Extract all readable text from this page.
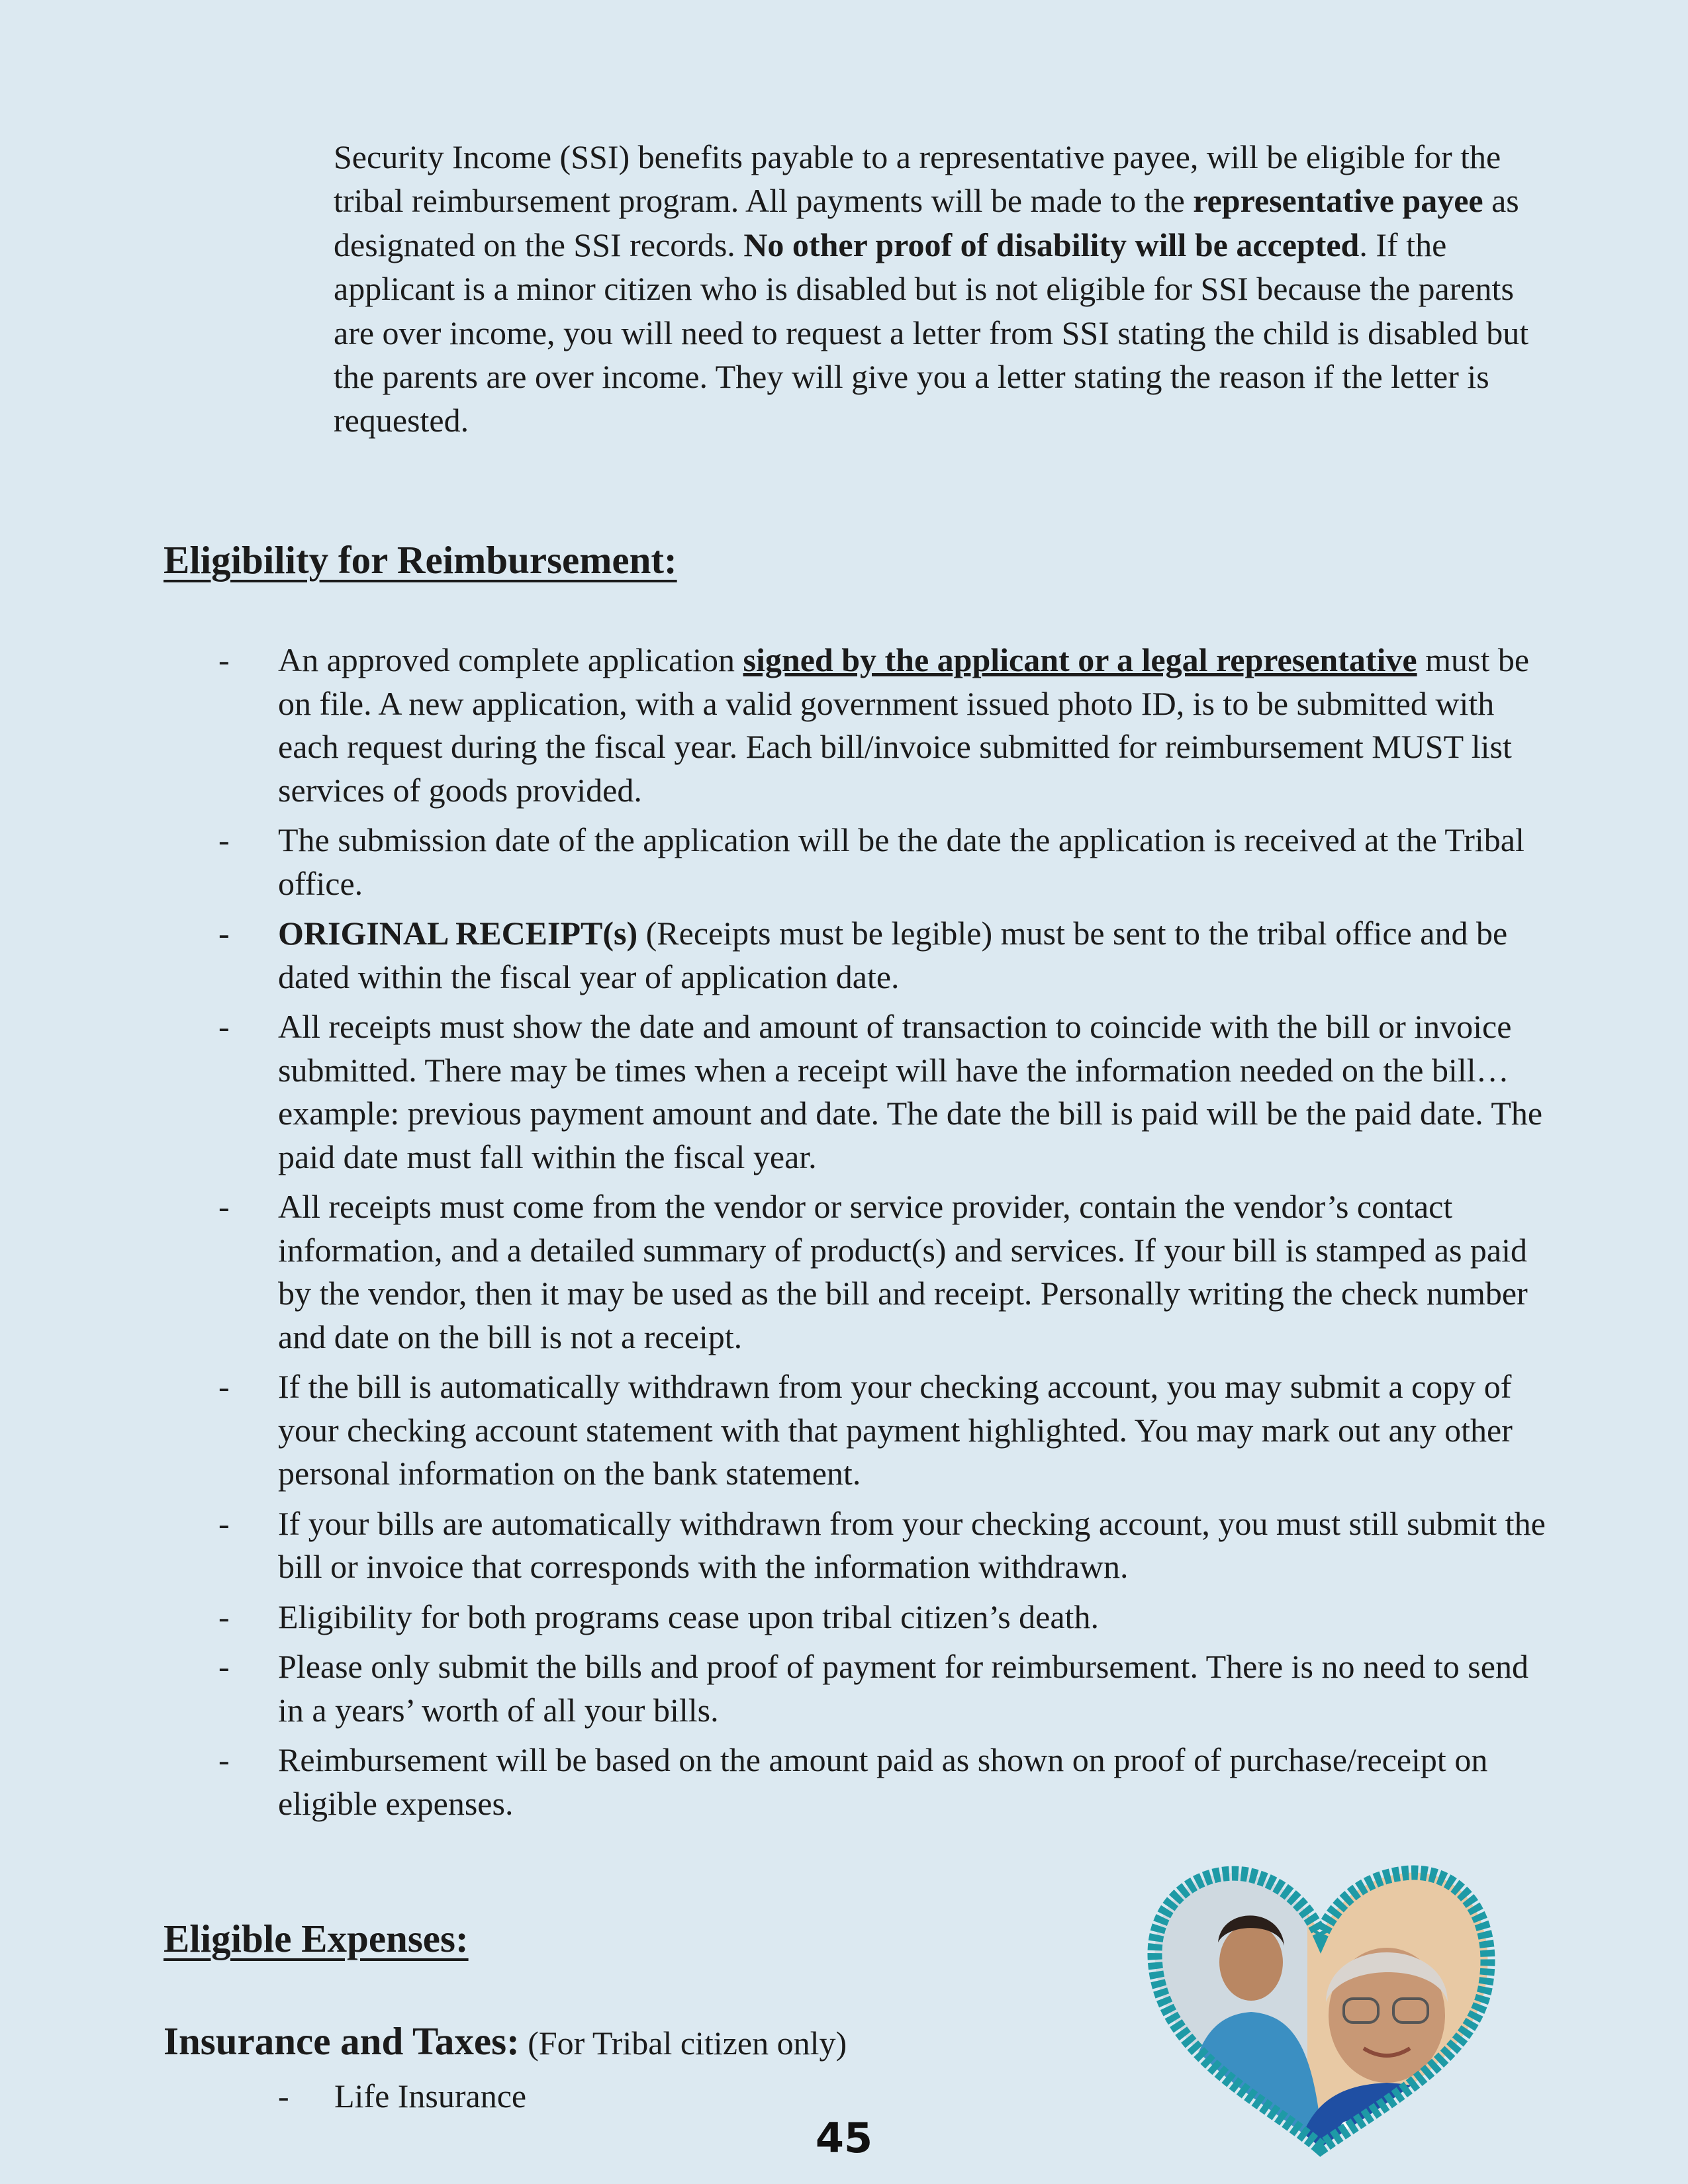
Security Income (SSI) benefits payable to a representative payee, will be eligible for the tribal reimbursement program. All payments will be made to the representative payee as designated on the SSI records. No other proof of disability will be accepted. If the applicant is a minor citizen who is disabled but is not eligible for SSI because the parents are over income, you will need to request a letter from SSI stating the child is disabled but the parents are over income. They will give you a letter stating the reason if the letter is requested.
Eligibility for Reimbursement:
- An approved complete application signed by the applicant or a legal representative must be on file. A new application, with a valid government issued photo ID, is to be submitted with each request during the fiscal year. Each bill/invoice submitted for reimbursement MUST list services of goods provided.
- The submission date of the application will be the date the application is received at the Tribal office.
- ORIGINAL RECEIPT(s) (Receipts must be legible) must be sent to the tribal office and be dated within the fiscal year of application date.
- All receipts must show the date and amount of transaction to coincide with the bill or invoice submitted. There may be times when a receipt will have the information needed on the bill…example: previous payment amount and date. The date the bill is paid will be the paid date. The paid date must fall within the fiscal year.
- All receipts must come from the vendor or service provider, contain the vendor’s contact information, and a detailed summary of product(s) and services. If your bill is stamped as paid by the vendor, then it may be used as the bill and receipt. Personally writing the check number and date on the bill is not a receipt.
- If the bill is automatically withdrawn from your checking account, you may submit a copy of your checking account statement with that payment highlighted. You may mark out any other personal information on the bank statement.
- If your bills are automatically withdrawn from your checking account, you must still submit the bill or invoice that corresponds with the information withdrawn.
- Eligibility for both programs cease upon tribal citizen’s death.
- Please only submit the bills and proof of payment for reimbursement. There is no need to send in a years’ worth of all your bills.
- Reimbursement will be based on the amount paid as shown on proof of purchase/receipt on eligible expenses.
Eligible Expenses:
Insurance and Taxes: (For Tribal citizen only)
- Life Insurance
45
